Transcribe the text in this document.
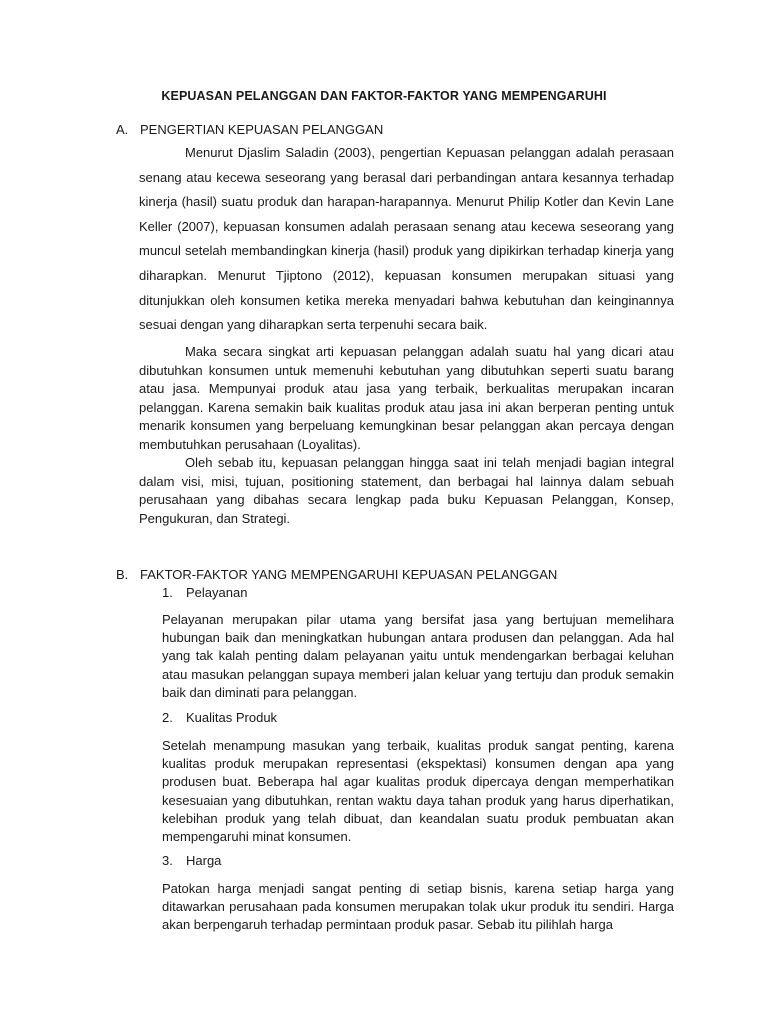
KEPUASAN PELANGGAN DAN FAKTOR-FAKTOR YANG MEMPENGARUHI
A. PENGERTIAN KEPUASAN PELANGGAN
Menurut Djaslim Saladin (2003), pengertian Kepuasan pelanggan adalah perasaan senang atau kecewa seseorang yang berasal dari perbandingan antara kesannya terhadap kinerja (hasil) suatu produk dan harapan-harapannya. Menurut Philip Kotler dan Kevin Lane Keller (2007), kepuasan konsumen adalah perasaan senang atau kecewa seseorang yang muncul setelah membandingkan kinerja (hasil) produk yang dipikirkan terhadap kinerja yang diharapkan. Menurut Tjiptono (2012), kepuasan konsumen merupakan situasi yang ditunjukkan oleh konsumen ketika mereka menyadari bahwa kebutuhan dan keinginannya sesuai dengan yang diharapkan serta terpenuhi secara baik.
Maka secara singkat arti kepuasan pelanggan adalah suatu hal yang dicari atau dibutuhkan konsumen untuk memenuhi kebutuhan yang dibutuhkan seperti suatu barang atau jasa. Mempunyai produk atau jasa yang terbaik, berkualitas merupakan incaran pelanggan. Karena semakin baik kualitas produk atau jasa ini akan berperan penting untuk menarik konsumen yang berpeluang kemungkinan besar pelanggan akan percaya dengan membutuhkan perusahaan (Loyalitas).
Oleh sebab itu, kepuasan pelanggan hingga saat ini telah menjadi bagian integral dalam visi, misi, tujuan, positioning statement, dan berbagai hal lainnya dalam sebuah perusahaan yang dibahas secara lengkap pada buku Kepuasan Pelanggan, Konsep, Pengukuran, dan Strategi.
B. FAKTOR-FAKTOR YANG MEMPENGARUHI KEPUASAN PELANGGAN
1. Pelayanan
Pelayanan merupakan pilar utama yang bersifat jasa yang bertujuan memelihara hubungan baik dan meningkatkan hubungan antara produsen dan pelanggan. Ada hal yang tak kalah penting dalam pelayanan yaitu untuk mendengarkan berbagai keluhan atau masukan pelanggan supaya memberi jalan keluar yang tertuju dan produk semakin baik dan diminati para pelanggan.
2. Kualitas Produk
Setelah menampung masukan yang terbaik, kualitas produk sangat penting, karena kualitas produk merupakan representasi (ekspektasi) konsumen dengan apa yang produsen buat. Beberapa hal agar kualitas produk dipercaya dengan memperhatikan kesesuaian yang dibutuhkan, rentan waktu daya tahan produk yang harus diperhatikan, kelebihan produk yang telah dibuat, dan keandalan suatu produk pembuatan akan mempengaruhi minat konsumen.
3. Harga
Patokan harga menjadi sangat penting di setiap bisnis, karena setiap harga yang ditawarkan perusahaan pada konsumen merupakan tolak ukur produk itu sendiri. Harga akan berpengaruh terhadap permintaan produk pasar. Sebab itu pilihlah harga
